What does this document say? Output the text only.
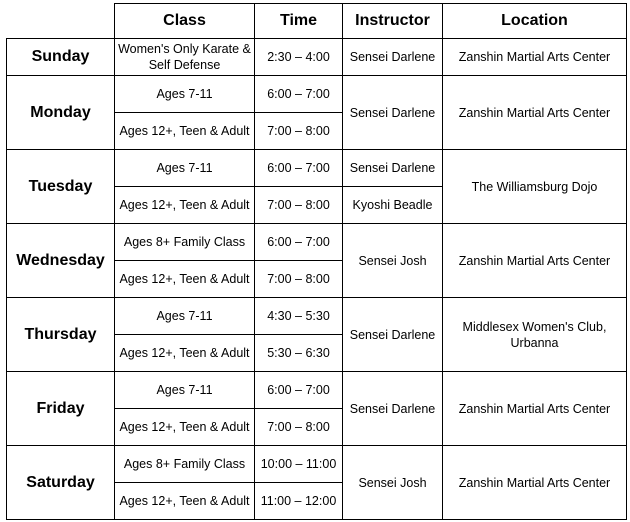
	Class	Time	Instructor	Location
Sunday	Women's Only Karate & Self Defense	2:30 – 4:00	Sensei Darlene	Zanshin Martial Arts Center
Monday	Ages 7-11	6:00 – 7:00	Sensei Darlene	Zanshin Martial Arts Center
	Ages 12+, Teen & Adult	7:00 – 8:00		
Tuesday	Ages 7-11	6:00 – 7:00	Sensei Darlene	The Williamsburg Dojo
	Ages 12+, Teen & Adult	7:00 – 8:00	Kyoshi Beadle	
Wednesday	Ages 8+ Family Class	6:00 – 7:00	Sensei Josh	Zanshin Martial Arts Center
	Ages 12+, Teen & Adult	7:00 – 8:00		
Thursday	Ages 7-11	4:30 – 5:30	Sensei Darlene	Middlesex Women's Club, Urbanna
	Ages 12+, Teen & Adult	5:30 – 6:30		
Friday	Ages 7-11	6:00 – 7:00	Sensei Darlene	Zanshin Martial Arts Center
	Ages 12+, Teen & Adult	7:00 – 8:00		
Saturday	Ages 8+ Family Class	10:00 – 11:00	Sensei Josh	Zanshin Martial Arts Center
	Ages 12+, Teen & Adult	11:00 – 12:00		
